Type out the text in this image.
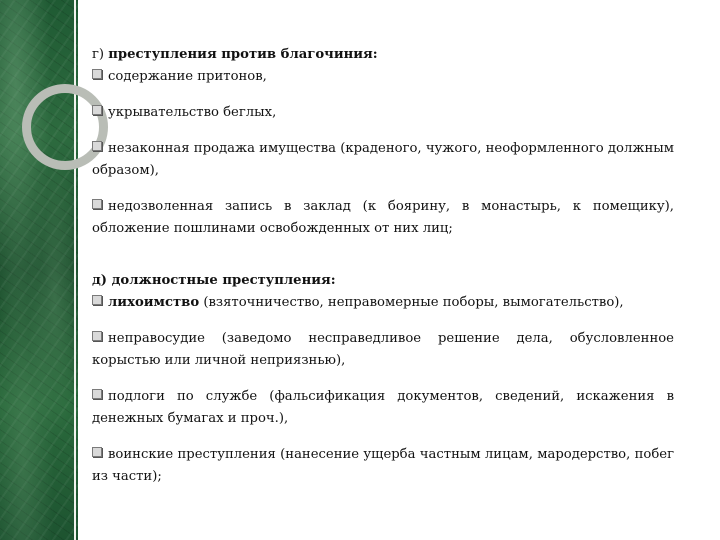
г) преступления против благочиния:

содержание притонов,

укрывательство беглых,

незаконная продажа имущества (краденого, чужого, неоформленного должным образом),

недозволенная запись в заклад (к боярину, в монастырь, к помещику), обложение пошлинами освобожденных от них лиц;

д) должностные преступления:

лихоимство (взяточничество, неправомерные поборы, вымогательство),

неправосудие (заведомо несправедливое решение дела, обусловленное корыстью или личной неприязнью),

подлоги по службе (фальсификация документов, сведений, искажения в денежных бумагах и проч.),

воинские преступления (нанесение ущерба частным лицам, мародерство, побег из части);
